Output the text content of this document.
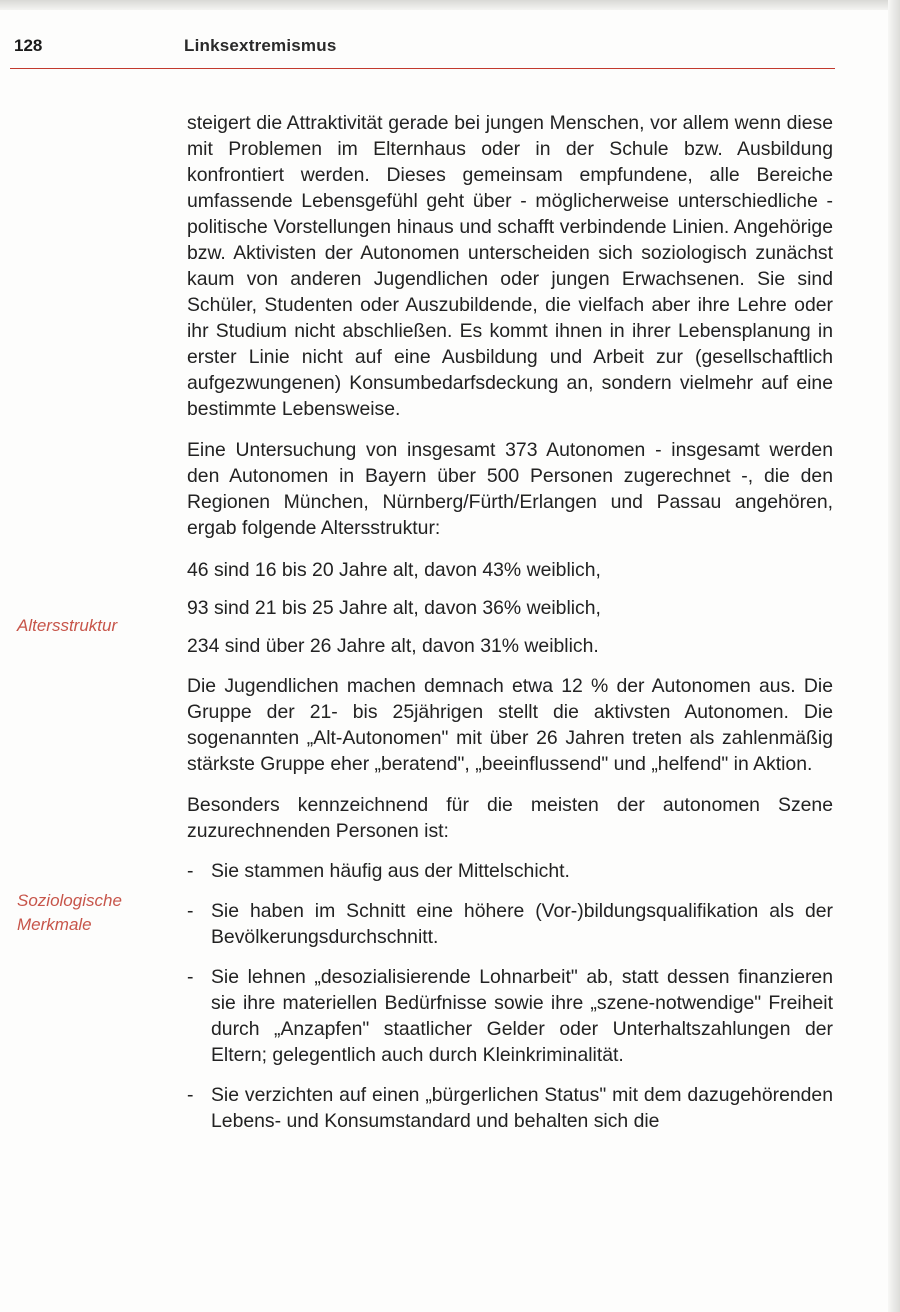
128	Linksextremismus
Altersstruktur
Soziologische
Merkmale

steigert die Attraktivität gerade bei jungen Menschen, vor allem wenn diese mit Problemen im Elternhaus oder in der Schule bzw. Ausbildung konfrontiert werden. Dieses gemeinsam empfundene, alle Bereiche umfassende Lebensgefühl geht über - möglicherweise unterschiedliche - politische Vorstellungen hinaus und schafft verbindende Linien. Angehörige bzw. Aktivisten der Autonomen unterscheiden sich soziologisch zunächst kaum von anderen Jugendlichen oder jungen Erwachsenen. Sie sind Schüler, Studenten oder Auszubildende, die vielfach aber ihre Lehre oder ihr Studium nicht abschließen. Es kommt ihnen in ihrer Lebensplanung in erster Linie nicht auf eine Ausbildung und Arbeit zur (gesellschaftlich aufgezwungenen) Konsumbedarfsdeckung an, sondern vielmehr auf eine bestimmte Lebensweise.

Eine Untersuchung von insgesamt 373 Autonomen - insgesamt werden den Autonomen in Bayern über 500 Personen zugerechnet -, die den Regionen München, Nürnberg/Fürth/Erlangen und Passau angehören, ergab folgende Altersstruktur:

46 sind 16 bis 20 Jahre alt, davon 43% weiblich,

93 sind 21 bis 25 Jahre alt, davon 36% weiblich,

234 sind über 26 Jahre alt, davon 31% weiblich.

Die Jugendlichen machen demnach etwa 12 % der Autonomen aus. Die Gruppe der 21- bis 25jährigen stellt die aktivsten Autonomen. Die sogenannten „Alt-Autonomen" mit über 26 Jahren treten als zahlenmäßig stärkste Gruppe eher „beratend", „beeinflussend" und „helfend" in Aktion.

Besonders kennzeichnend für die meisten der autonomen Szene zuzurechnenden Personen ist:

- Sie stammen häufig aus der Mittelschicht.
- Sie haben im Schnitt eine höhere (Vor-)bildungsqualifikation als der Bevölkerungsdurchschnitt.
- Sie lehnen „desozialisierende Lohnarbeit" ab, statt dessen finanzieren sie ihre materiellen Bedürfnisse sowie ihre „szene-notwendige" Freiheit durch „Anzapfen" staatlicher Gelder oder Unterhaltszahlungen der Eltern; gelegentlich auch durch Kleinkriminalität.
- Sie verzichten auf einen „bürgerlichen Status" mit dem dazugehörenden Lebens- und Konsumstandard und behalten sich die
